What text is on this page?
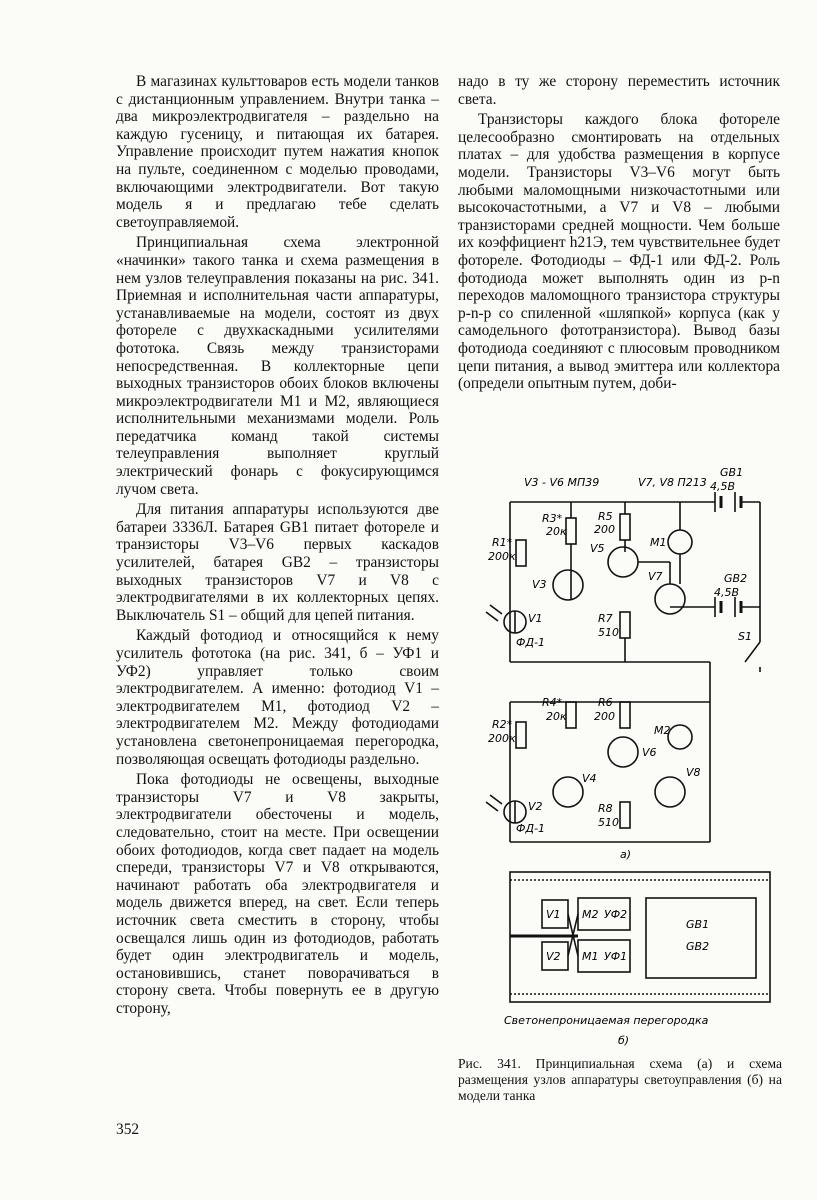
В магазинах культтоваров есть модели танков с дистанционным управлением. Внутри танка – два микроэлектродвигателя – раздельно на каждую гусеницу, и питающая их батарея. Управление происходит путем нажатия кнопок на пульте, соединенном с моделью проводами, включающими электродвигатели. Вот такую модель я и предлагаю тебе сделать светоуправляемой.

Принципиальная схема электронной «начинки» такого танка и схема размещения в нем узлов телеуправления показаны на рис. 341. Приемная и исполнительная части аппаратуры, устанавливаемые на модели, состоят из двух фотореле с двухкаскадными усилителями фототока. Связь между транзисторами непосредственная. В коллекторные цепи выходных транзисторов обоих блоков включены микроэлектродвигатели М1 и М2, являющиеся исполнительными механизмами модели. Роль передатчика команд такой системы телеуправления выполняет круглый электрический фонарь с фокусирующимся лучом света.

Для питания аппаратуры используются две батареи 3336Л. Батарея GB1 питает фотореле и транзисторы V3–V6 первых каскадов усилителей, батарея GB2 – транзисторы выходных транзисторов V7 и V8 с электродвигателями в их коллекторных цепях. Выключатель S1 – общий для цепей питания.

Каждый фотодиод и относящийся к нему усилитель фототока (на рис. 341, б – УФ1 и УФ2) управляет только своим электродвигателем. А именно: фотодиод V1 – электродвигателем М1, фотодиод V2 – электродвигателем М2. Между фотодиодами установлена светонепроницаемая перегородка, позволяющая освещать фотодиоды раздельно.

Пока фотодиоды не освещены, выходные транзисторы V7 и V8 закрыты, электродвигатели обесточены и модель, следовательно, стоит на месте. При освещении обоих фотодиодов, когда свет падает на модель спереди, транзисторы V7 и V8 открываются, начинают работать оба электродвигателя и модель движется вперед, на свет. Если теперь источник света сместить в сторону, чтобы освещался лишь один из фотодиодов, работать будет один электродвигатель и модель, остановившись, станет поворачиваться в сторону света. Чтобы повернуть ее в другую сторону,

надо в ту же сторону переместить источник света.

Транзисторы каждого блока фотореле целесообразно смонтировать на отдельных платах – для удобства размещения в корпусе модели. Транзисторы V3–V6 могут быть любыми маломощными низкочастотными или высокочастотными, а V7 и V8 – любыми транзисторами средней мощности. Чем больше их коэффициент h21Э, тем чувствительнее будет фотореле. Фотодиоды – ФД-1 или ФД-2. Роль фотодиода может выполнять один из p-n переходов маломощного транзистора структуры p-n-p со спиленной «шляпкой» корпуса (как у самодельного фототранзистора). Вывод базы фотодиода соединяют с плюсовым проводником цепи питания, а вывод эмиттера или коллектора (определи опытным путем, доби-

V3 - V6 МП39	V7, V8 П213
GB1
4,5В
GB2
4,5В
S1
R3*
20к
R1*
200к
R5
200
R7
510
V3
V5
V7
M1
V1
ФД-1
R4*
20к
R2*
200к
R6
200
R8
510
V4
V6
V8
M2
V2
ФД-1
а)
V1
V2
M2
M1
УФ2
УФ1
GB1
GB2
Светонепроницаемая перегородка
б)
Рис. 341. Принципиальная схема (а) и схема размещения узлов аппаратуры светоуправления (б) на модели танка
352
